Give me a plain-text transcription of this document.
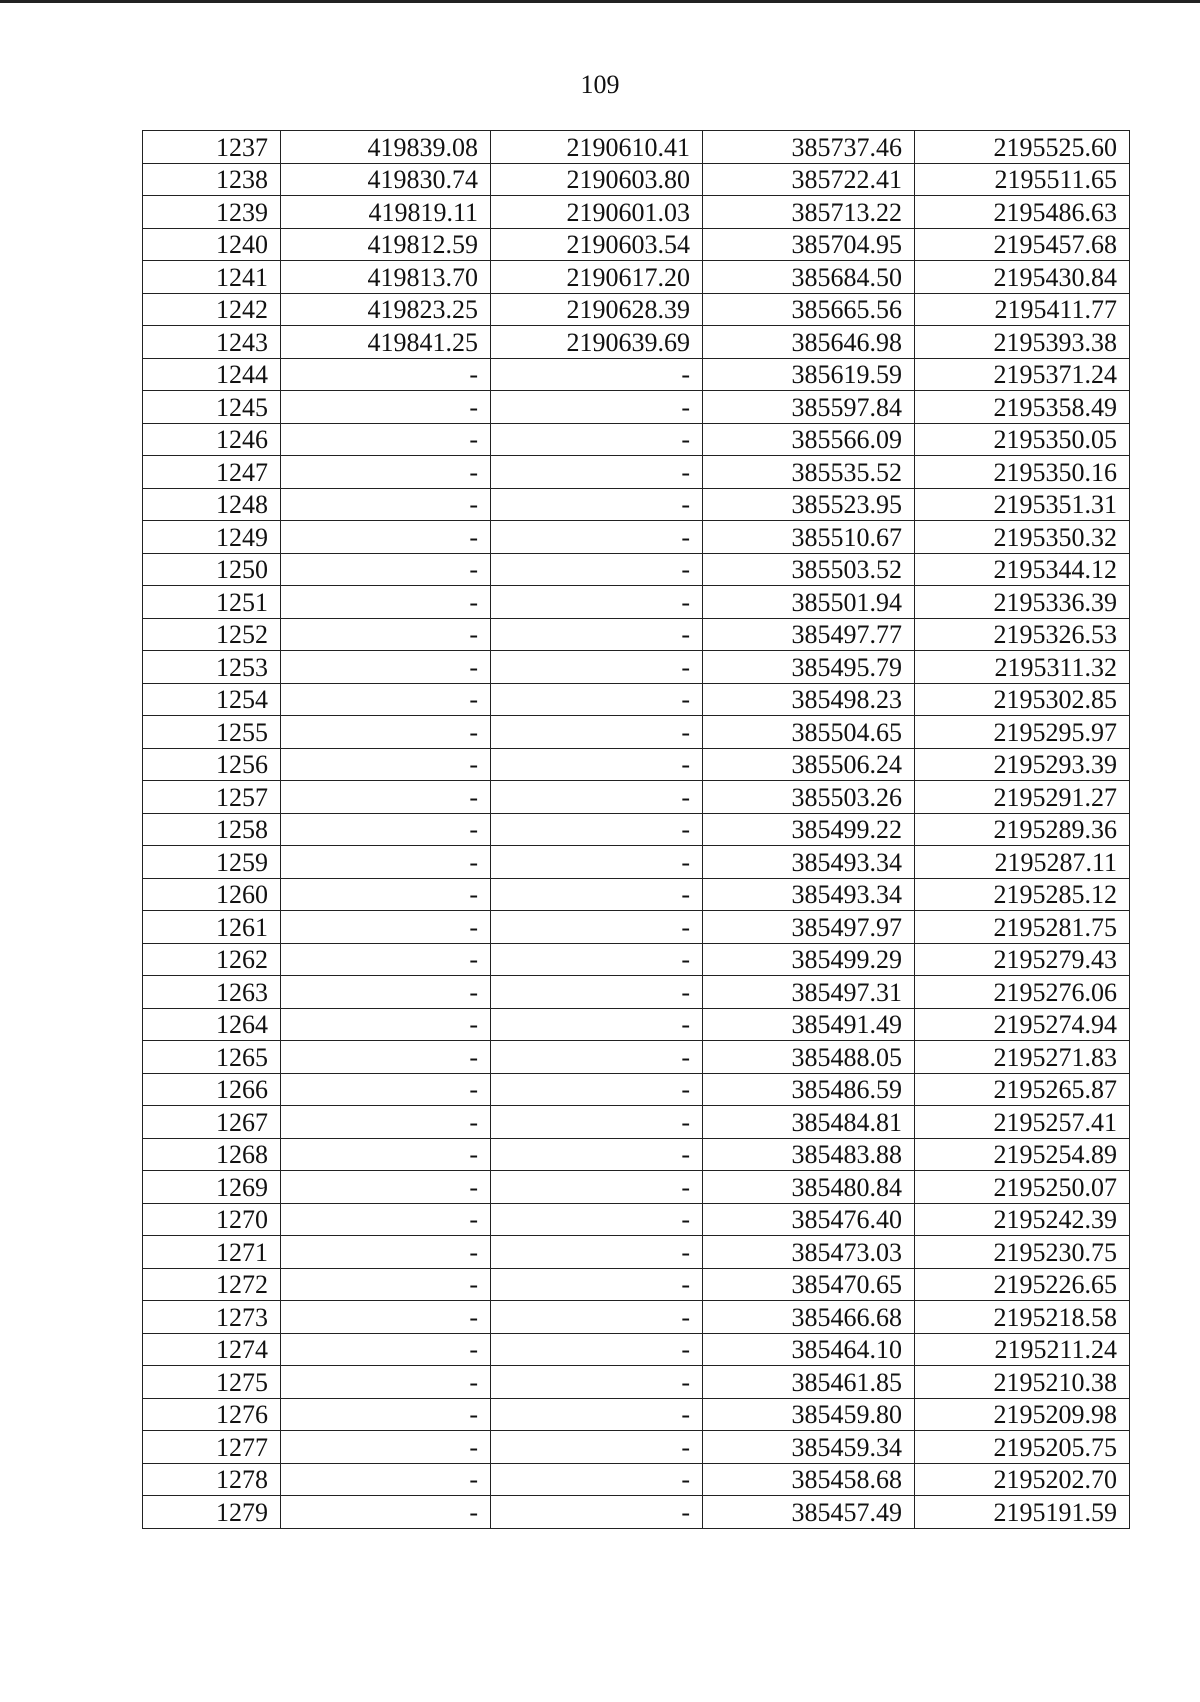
109
1237	419839.08	2190610.41	385737.46	2195525.60
1238	419830.74	2190603.80	385722.41	2195511.65
1239	419819.11	2190601.03	385713.22	2195486.63
1240	419812.59	2190603.54	385704.95	2195457.68
1241	419813.70	2190617.20	385684.50	2195430.84
1242	419823.25	2190628.39	385665.56	2195411.77
1243	419841.25	2190639.69	385646.98	2195393.38
1244	-	-	385619.59	2195371.24
1245	-	-	385597.84	2195358.49
1246	-	-	385566.09	2195350.05
1247	-	-	385535.52	2195350.16
1248	-	-	385523.95	2195351.31
1249	-	-	385510.67	2195350.32
1250	-	-	385503.52	2195344.12
1251	-	-	385501.94	2195336.39
1252	-	-	385497.77	2195326.53
1253	-	-	385495.79	2195311.32
1254	-	-	385498.23	2195302.85
1255	-	-	385504.65	2195295.97
1256	-	-	385506.24	2195293.39
1257	-	-	385503.26	2195291.27
1258	-	-	385499.22	2195289.36
1259	-	-	385493.34	2195287.11
1260	-	-	385493.34	2195285.12
1261	-	-	385497.97	2195281.75
1262	-	-	385499.29	2195279.43
1263	-	-	385497.31	2195276.06
1264	-	-	385491.49	2195274.94
1265	-	-	385488.05	2195271.83
1266	-	-	385486.59	2195265.87
1267	-	-	385484.81	2195257.41
1268	-	-	385483.88	2195254.89
1269	-	-	385480.84	2195250.07
1270	-	-	385476.40	2195242.39
1271	-	-	385473.03	2195230.75
1272	-	-	385470.65	2195226.65
1273	-	-	385466.68	2195218.58
1274	-	-	385464.10	2195211.24
1275	-	-	385461.85	2195210.38
1276	-	-	385459.80	2195209.98
1277	-	-	385459.34	2195205.75
1278	-	-	385458.68	2195202.70
1279	-	-	385457.49	2195191.59
